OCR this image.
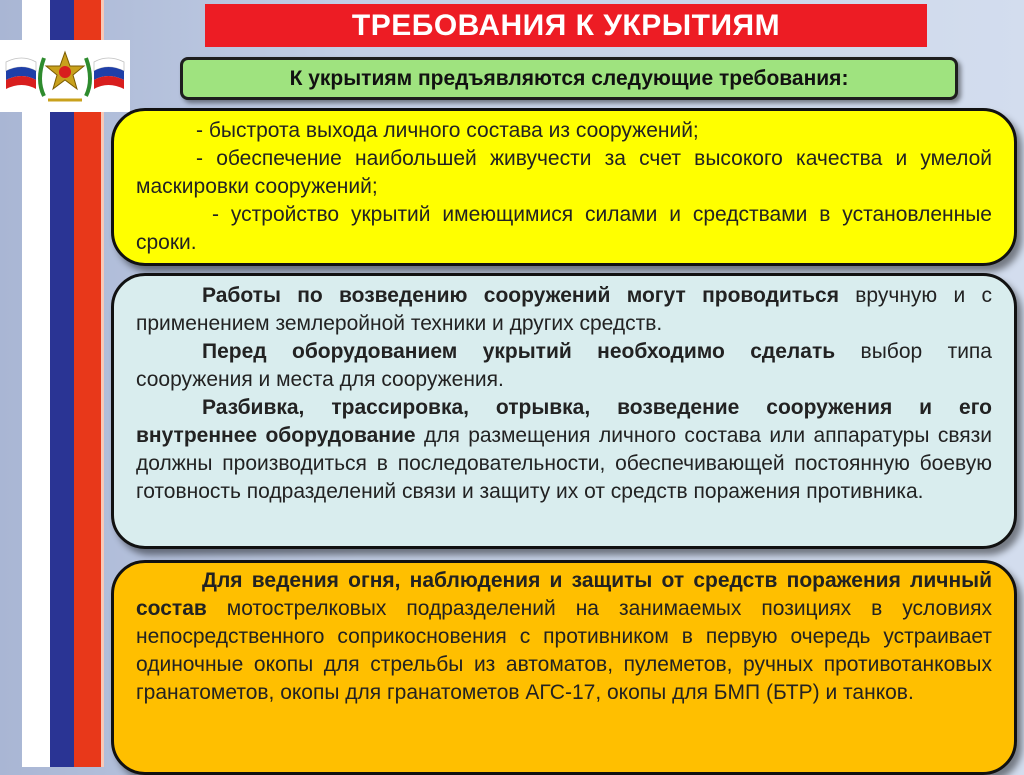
ТРЕБОВАНИЯ К УКРЫТИЯМ
К укрытиям предъявляются следующие требования:

- быстрота выхода личного состава из сооружений;

- обеспечение наибольшей живучести за счет высокого качества и умелой маскировки сооружений;

- устройство укрытий имеющимися силами и средствами в установленные сроки.

Работы по возведению сооружений могут проводиться вручную и с применением землеройной техники и других средств.

Перед оборудованием укрытий необходимо сделать выбор типа сооружения и места для сооружения.

Разбивка, трассировка, отрывка, возведение сооружения и его внутреннее оборудование для размещения личного состава или аппаратуры связи должны производиться в последовательности, обеспечивающей постоянную боевую готовность подразделений связи и защиту их от средств поражения противника.

Для ведения огня, наблюдения и защиты от средств поражения личный состав мотострелковых подразделений на занимаемых позициях в условиях непосредственного соприкосновения с противником в первую очередь устраивает одиночные окопы для стрельбы из автоматов, пулеметов, ручных противотанковых гранатометов, окопы для гранатометов АГС-17, окопы для БМП (БТР) и танков.
